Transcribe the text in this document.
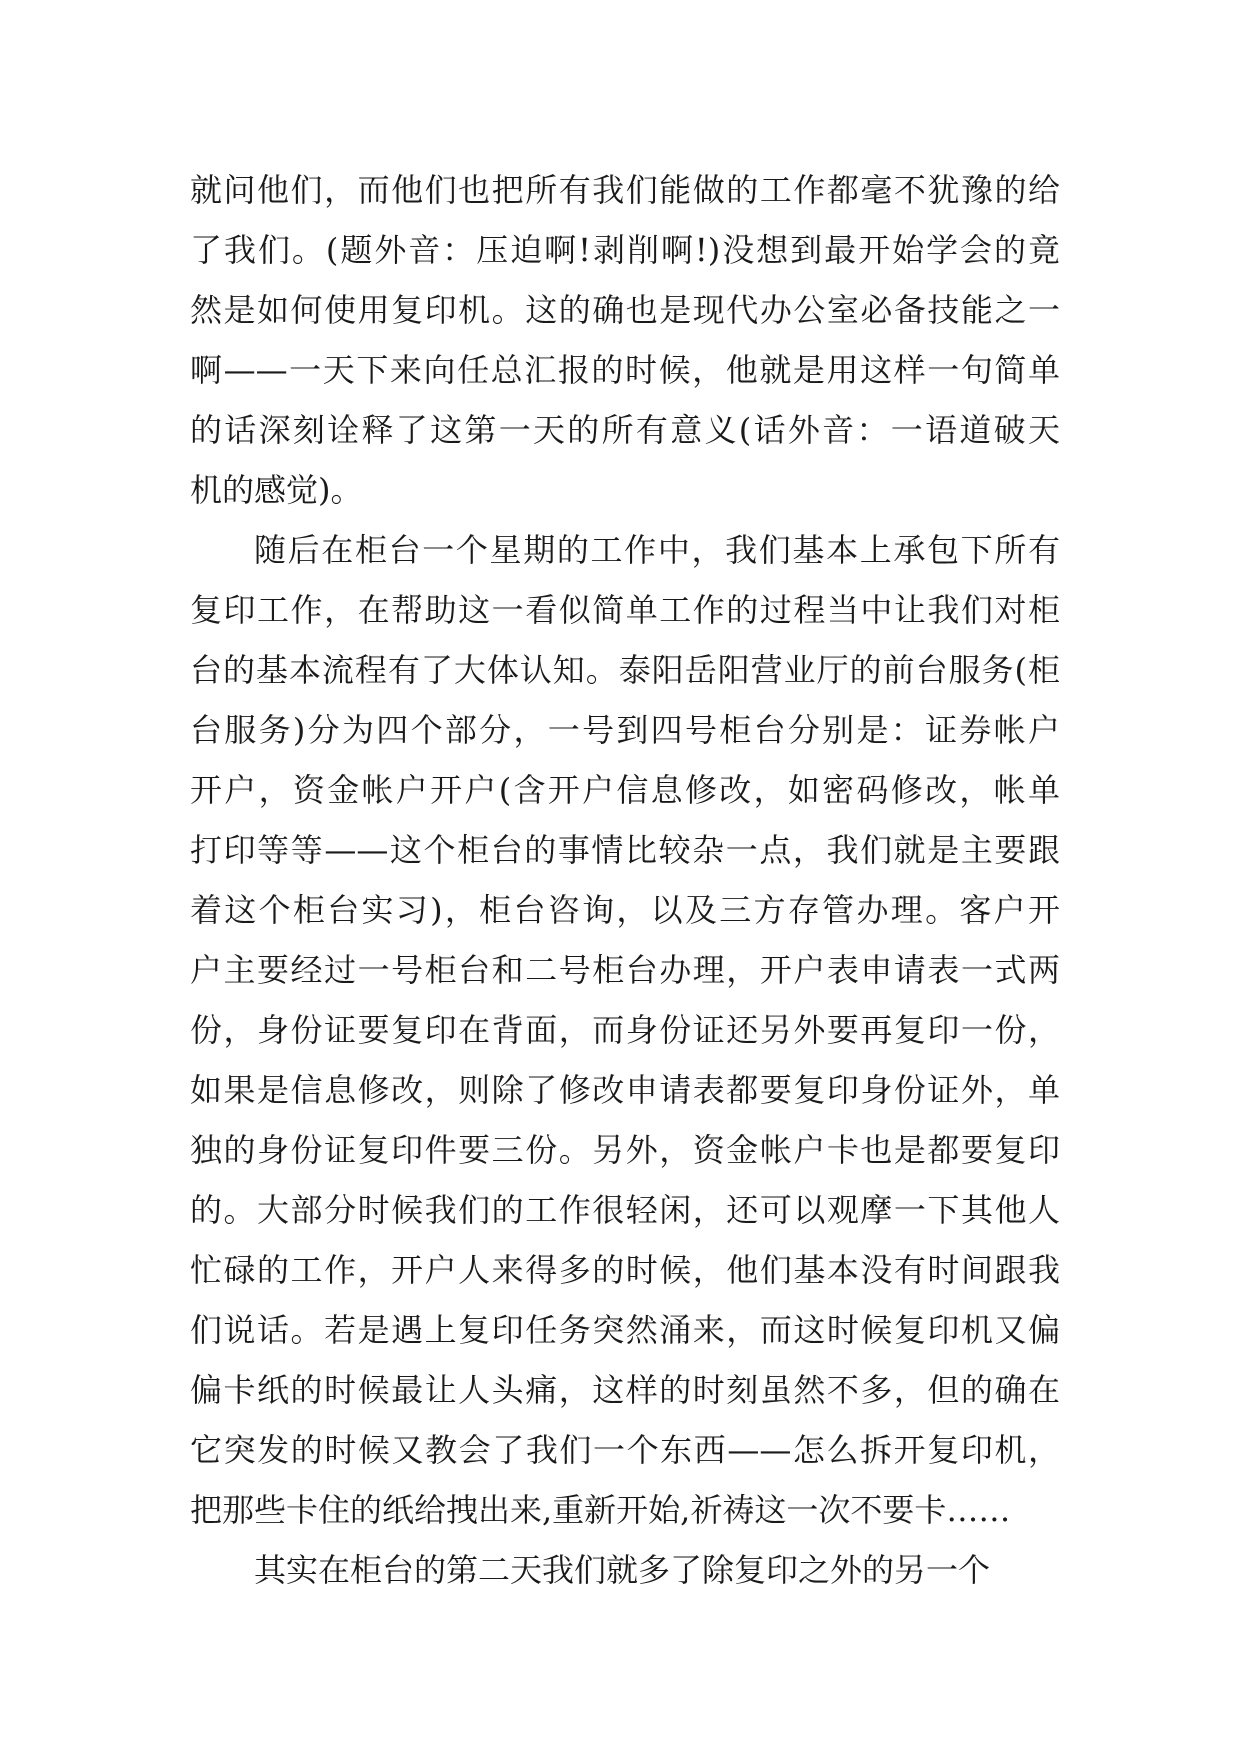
就问他们，而他们也把所有我们能做的工作都毫不犹豫的给
了我们。(题外音：压迫啊!剥削啊!)没想到最开始学会的竟
然是如何使用复印机。这的确也是现代办公室必备技能之一
啊——一天下来向任总汇报的时候，他就是用这样一句简单
的话深刻诠释了这第一天的所有意义(话外音：一语道破天
机的感觉)。
随后在柜台一个星期的工作中，我们基本上承包下所有
复印工作，在帮助这一看似简单工作的过程当中让我们对柜
台的基本流程有了大体认知。泰阳岳阳营业厅的前台服务(柜
台服务)分为四个部分，一号到四号柜台分别是：证券帐户
开户，资金帐户开户(含开户信息修改，如密码修改，帐单
打印等等——这个柜台的事情比较杂一点，我们就是主要跟
着这个柜台实习)，柜台咨询，以及三方存管办理。客户开
户主要经过一号柜台和二号柜台办理，开户表申请表一式两
份，身份证要复印在背面，而身份证还另外要再复印一份，
如果是信息修改，则除了修改申请表都要复印身份证外，单
独的身份证复印件要三份。另外，资金帐户卡也是都要复印
的。大部分时候我们的工作很轻闲，还可以观摩一下其他人
忙碌的工作，开户人来得多的时候，他们基本没有时间跟我
们说话。若是遇上复印任务突然涌来，而这时候复印机又偏
偏卡纸的时候最让人头痛，这样的时刻虽然不多，但的确在
它突发的时候又教会了我们一个东西——怎么拆开复印机，
把那些卡住的纸给拽出来,重新开始,祈祷这一次不要卡……
其实在柜台的第二天我们就多了除复印之外的另一个
